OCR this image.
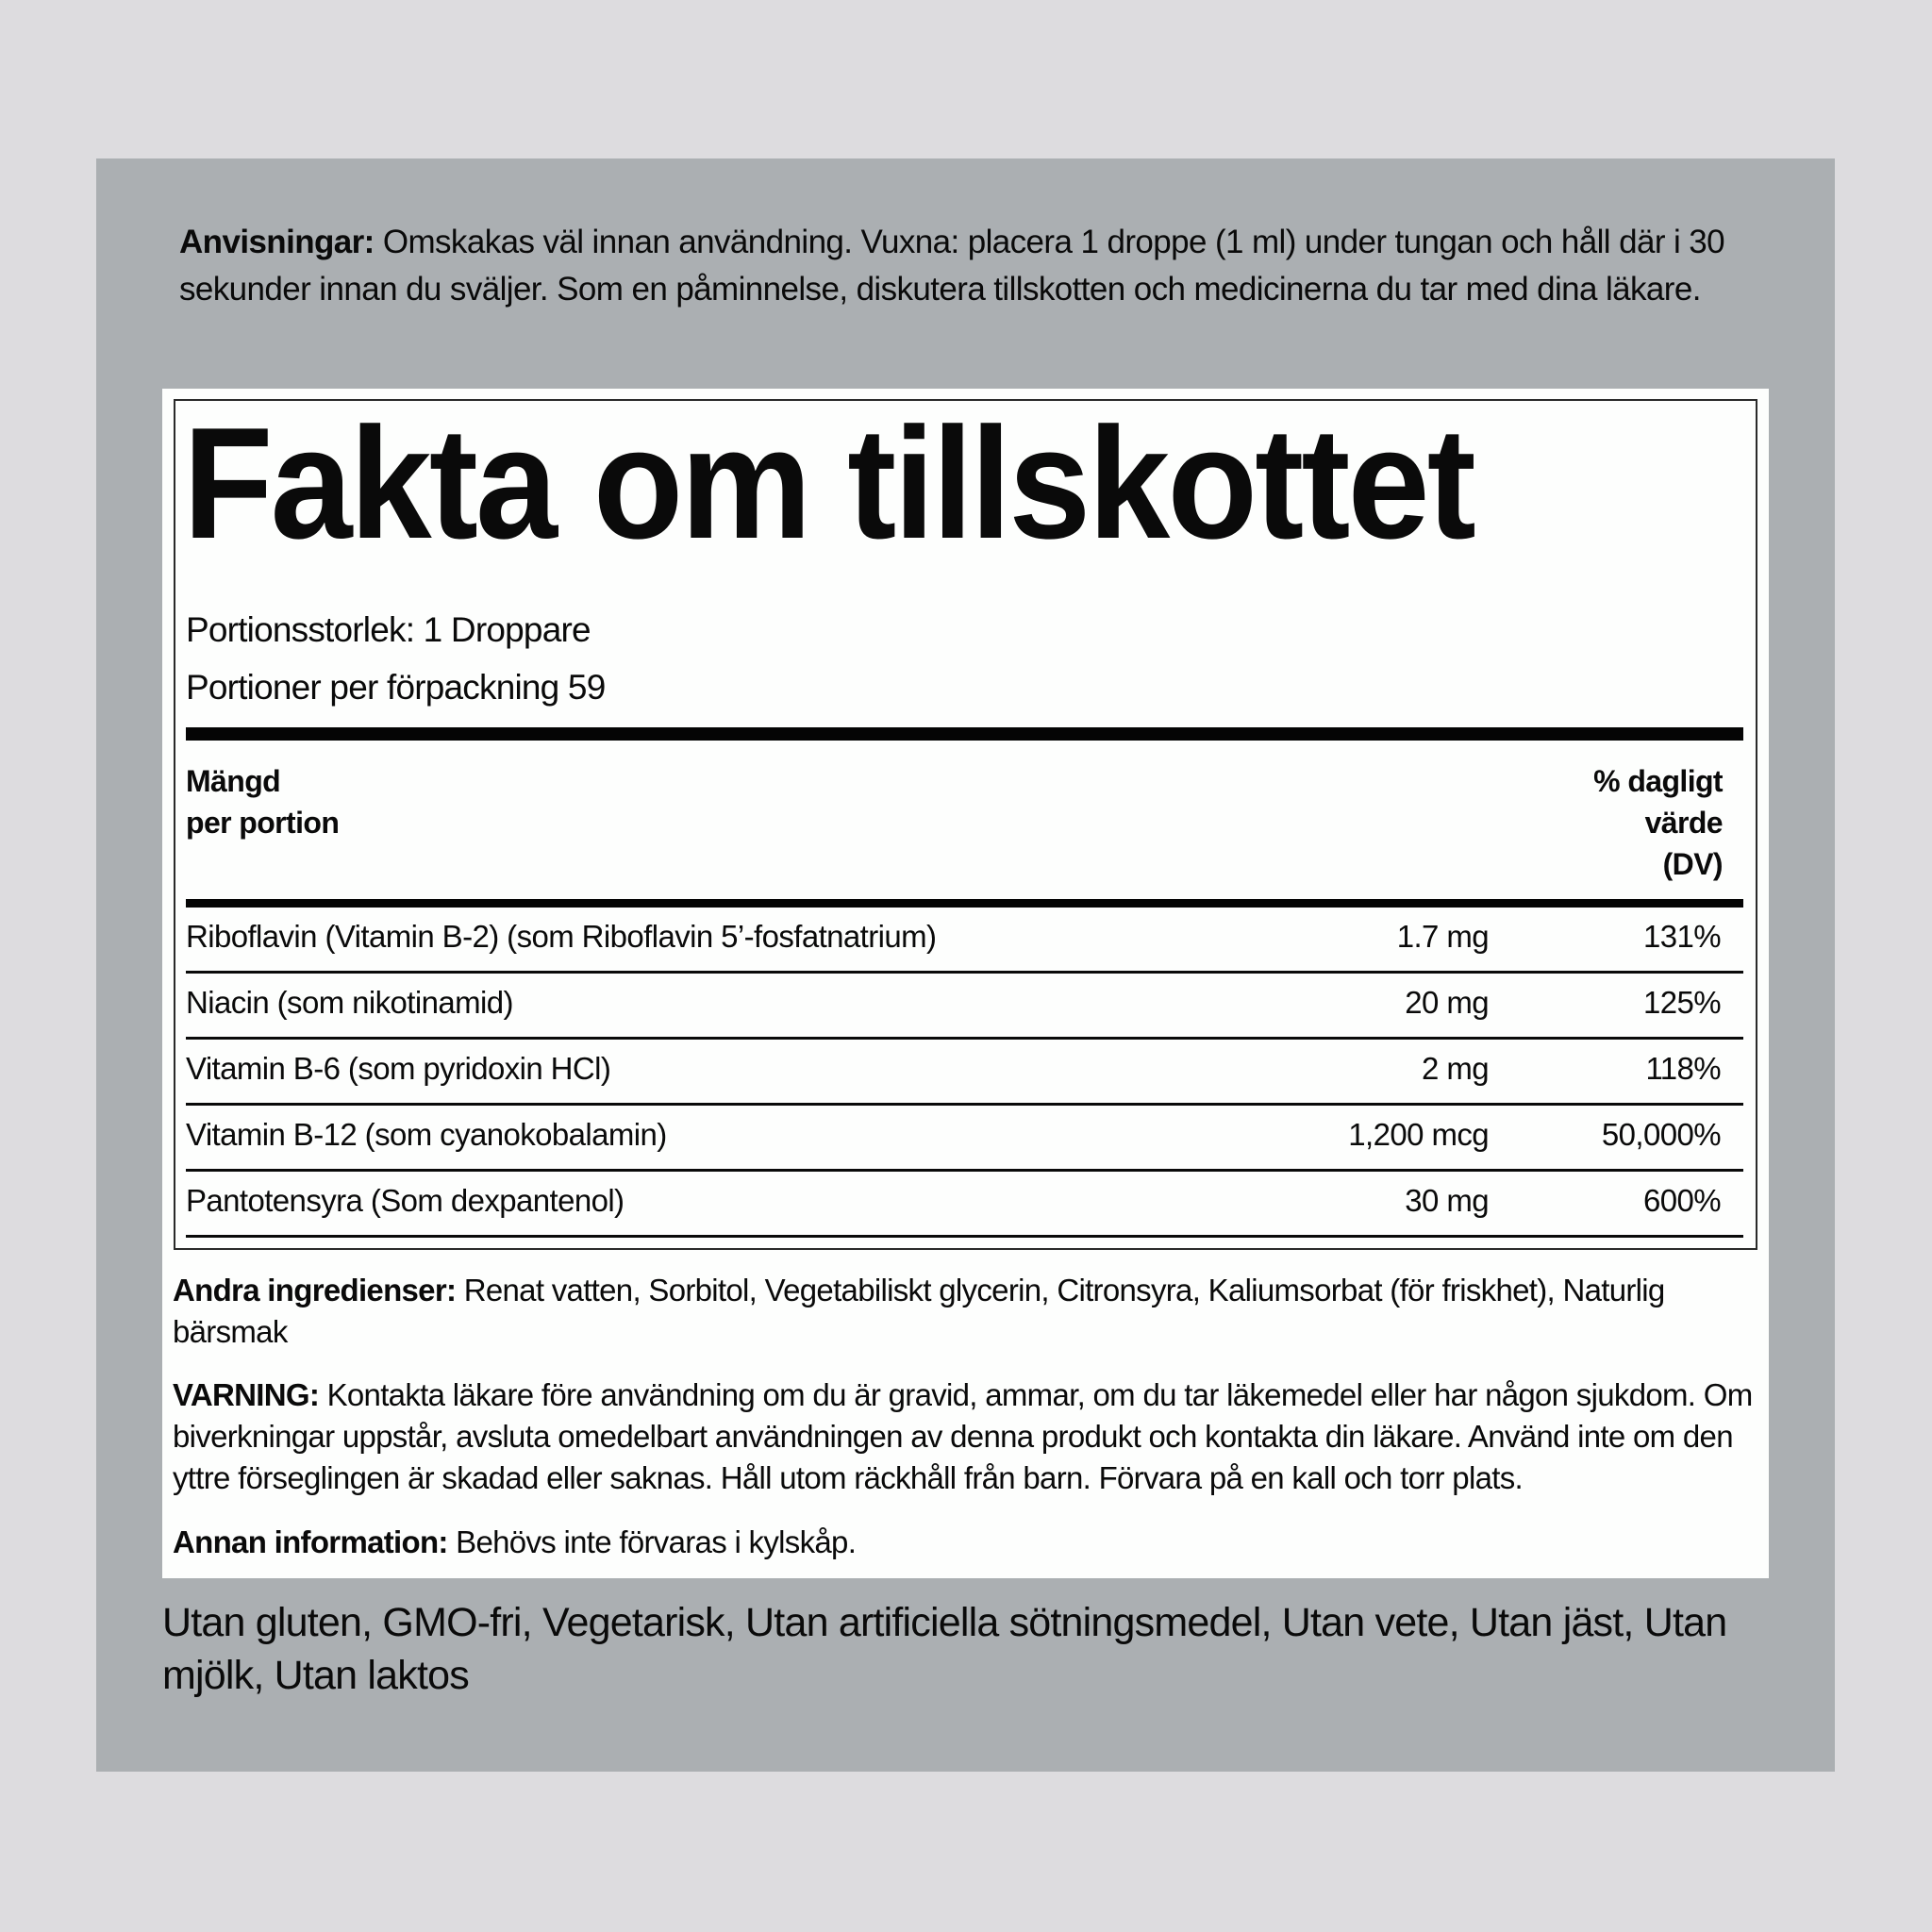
Anvisningar: Omskakas väl innan användning. Vuxna: placera 1 droppe (1 ml) under tungan och håll där i 30 sekunder innan du sväljer. Som en påminnelse, diskutera tillskotten och medicinerna du tar med dina läkare.
Fakta om tillskottet
Portionsstorlek: 1 Droppare
Portioner per förpackning 59
Mängd
per portion
% dagligt
värde
(DV)
Riboflavin (Vitamin B-2) (som Riboflavin 5’-fosfatnatrium)	1.7 mg	131%
Niacin (som nikotinamid)	20 mg	125%
Vitamin B-6 (som pyridoxin HCl)	2 mg	118%
Vitamin B-12 (som cyanokobalamin)	1,200 mcg	50,000%
Pantotensyra (Som dexpantenol)	30 mg	600%
Andra ingredienser: Renat vatten, Sorbitol, Vegetabiliskt glycerin, Citronsyra, Kaliumsorbat (för friskhet), Naturlig bärsmak
VARNING: Kontakta läkare före användning om du är gravid, ammar, om du tar läkemedel eller har någon sjukdom. Om biverkningar uppstår, avsluta omedelbart användningen av denna produkt och kontakta din läkare. Använd inte om den yttre förseglingen är skadad eller saknas. Håll utom räckhåll från barn. Förvara på en kall och torr plats.
Annan information: Behövs inte förvaras i kylskåp.
Utan gluten, GMO-fri, Vegetarisk, Utan artificiella sötningsmedel, Utan vete, Utan jäst, Utan mjölk, Utan laktos
